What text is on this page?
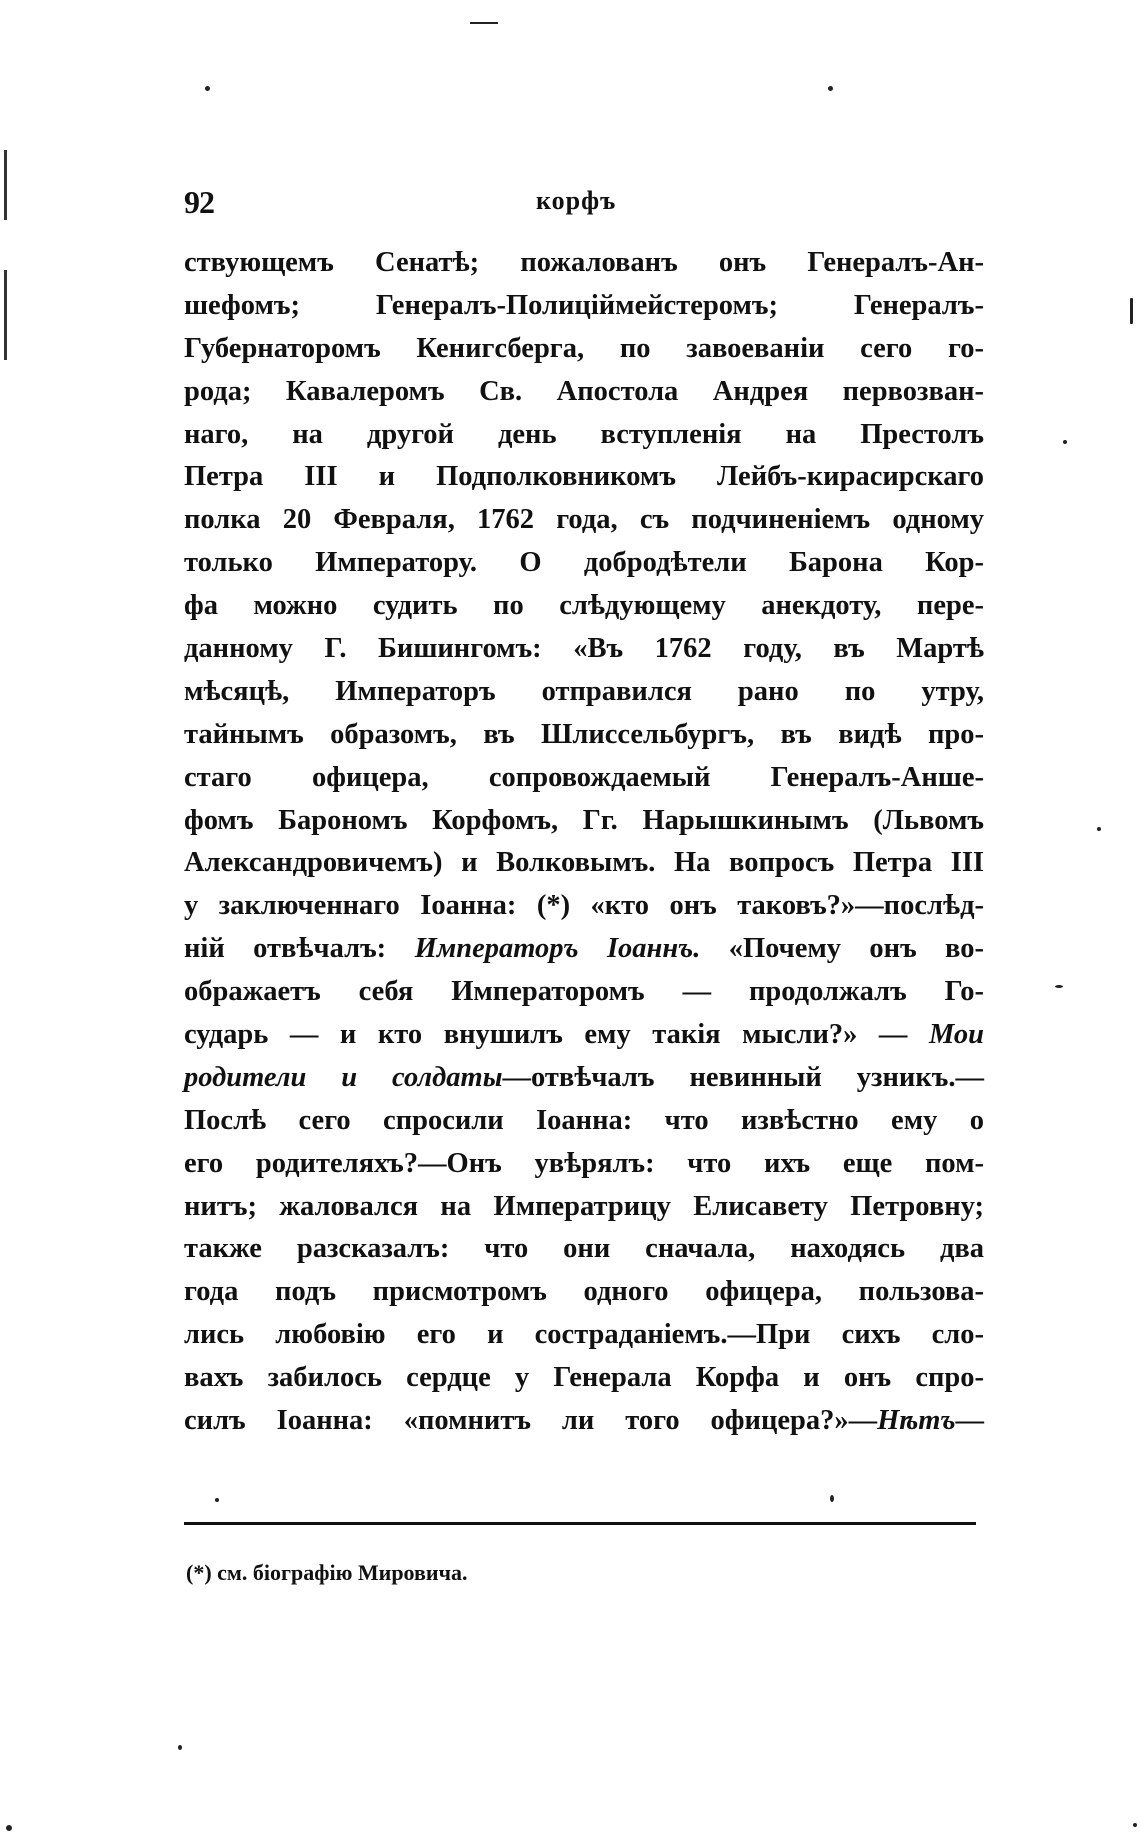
92	корфъ
ствующемъ Сенатѣ; пожалованъ онъ Генералъ-Ан-
шефомъ; Генералъ-Полицiймейстеромъ; Генералъ-
Губернаторомъ Кенигсберга, по завоеванiи сего го-
рода; Кавалеромъ Св. Апостола Андрея первозван-
наго, на другой день вступленiя на Престолъ
Петра III и Подполковникомъ Лейбъ-кирасирскаго
полка 20 Февраля, 1762 года, съ подчиненiемъ одному
только Императору. О добродѣтели Барона Кор-
фа можно судить по слѣдующему анекдоту, пере-
данному Г. Бишингомъ: «Въ 1762 году, въ Мартѣ
мѣсяцѣ, Императоръ отправился рано по утру,
тайнымъ образомъ, въ Шлиссельбургъ, въ видѣ про-
стаго офицера, сопровождаемый Генералъ-Анше-
фомъ Барономъ Корфомъ, Гг. Нарышкинымъ (Львомъ
Александровичемъ) и Волковымъ. На вопросъ Петра III
у заключеннаго Iоанна: (*) «кто онъ таковъ?»—послѣд-
нiй отвѣчалъ: Императоръ Iоаннъ. «Почему онъ во-
ображаетъ себя Императоромъ — продолжалъ Го-
сударь — и кто внушилъ ему такiя мысли?» — Мои
родители и солдаты—отвѣчалъ невинный узникъ.—
Послѣ сего спросили Iоанна: что извѣстно ему о
его родителяхъ?—Онъ увѣрялъ: что ихъ еще пом-
нитъ; жаловался на Императрицу Елисавету Петровну;
также разсказалъ: что они сначала, находясь два
года подъ присмотромъ одного офицера, пользова-
лись любовiю его и состраданiемъ.—При сихъ сло-
вахъ забилось сердце у Генерала Корфа и онъ спро-
силъ Iоанна: «помнитъ ли того офицера?»—Нѣтъ—
(*) см. бiографiю Мировича.
